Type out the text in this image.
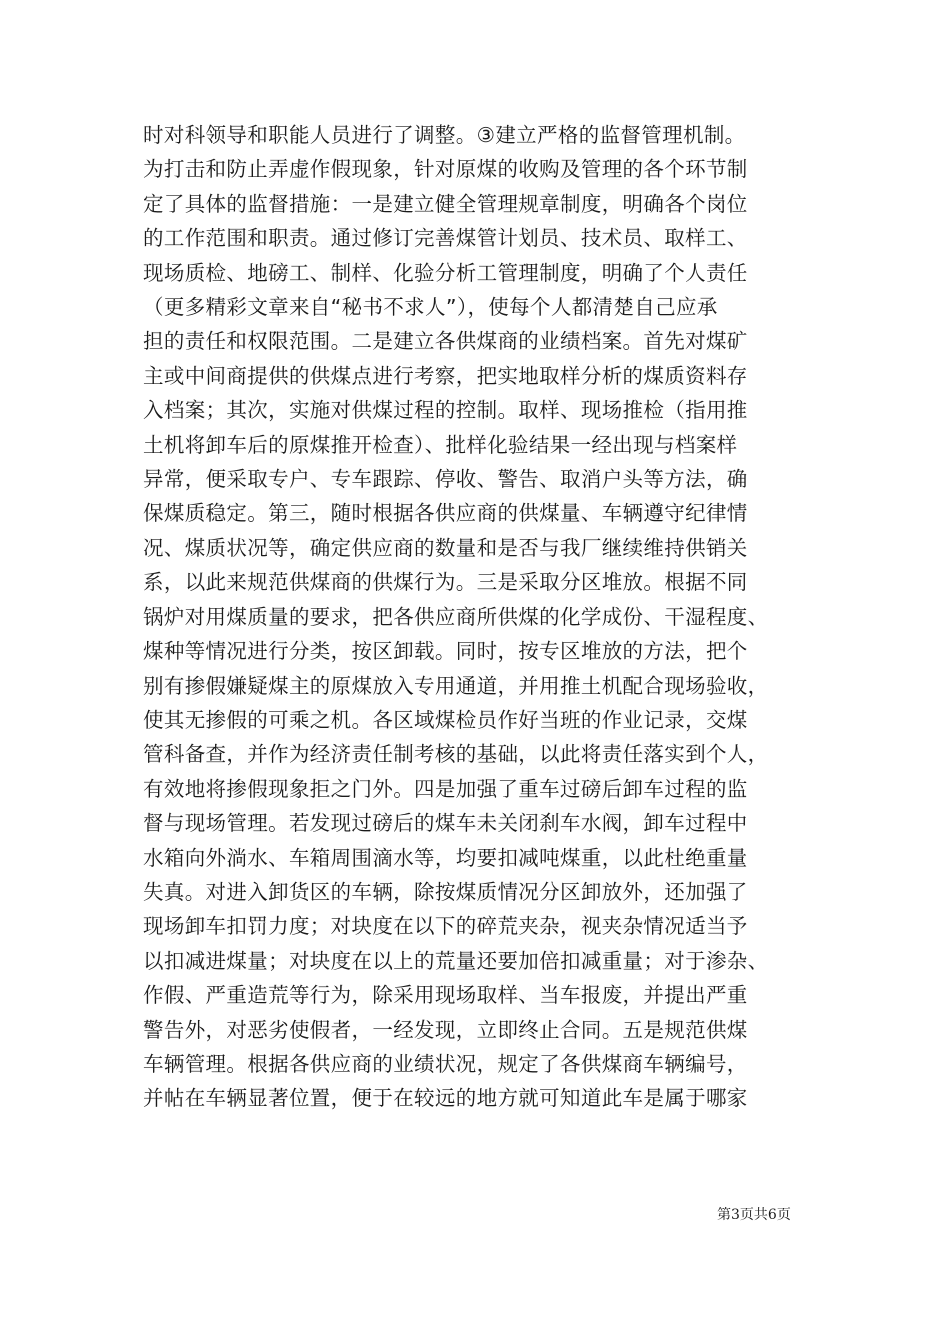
时对科领导和职能人员进行了调整。③建立严格的监督管理机制。
为打击和防止弄虚作假现象，针对原煤的收购及管理的各个环节制
定了具体的监督措施：一是建立健全管理规章制度，明确各个岗位
的工作范围和职责。通过修订完善煤管计划员、技术员、取样工、
现场质检、地磅工、制样、化验分析工管理制度，明确了个人责任
（更多精彩文章来自“秘书不求人”），使每个人都清楚自己应承
担的责任和权限范围。二是建立各供煤商的业绩档案。首先对煤矿
主或中间商提供的供煤点进行考察，把实地取样分析的煤质资料存
入档案；其次，实施对供煤过程的控制。取样、现场推检（指用推
土机将卸车后的原煤推开检查）、批样化验结果一经出现与档案样
异常，便采取专户、专车跟踪、停收、警告、取消户头等方法，确
保煤质稳定。第三，随时根据各供应商的供煤量、车辆遵守纪律情
况、煤质状况等，确定供应商的数量和是否与我厂继续维持供销关
系，以此来规范供煤商的供煤行为。三是采取分区堆放。根据不同
锅炉对用煤质量的要求，把各供应商所供煤的化学成份、干湿程度、
煤种等情况进行分类，按区卸载。同时，按专区堆放的方法，把个
别有掺假嫌疑煤主的原煤放入专用通道，并用推土机配合现场验收，
使其无掺假的可乘之机。各区域煤检员作好当班的作业记录，交煤
管科备查，并作为经济责任制考核的基础，以此将责任落实到个人，
有效地将掺假现象拒之门外。四是加强了重车过磅后卸车过程的监
督与现场管理。若发现过磅后的煤车未关闭刹车水阀，卸车过程中
水箱向外淌水、车箱周围滴水等，均要扣减吨煤重，以此杜绝重量
失真。对进入卸货区的车辆，除按煤质情况分区卸放外，还加强了
现场卸车扣罚力度；对块度在以下的碎荒夹杂，视夹杂情况适当予
以扣减进煤量；对块度在以上的荒量还要加倍扣减重量；对于渗杂、
作假、严重造荒等行为，除采用现场取样、当车报废，并提出严重
警告外，对恶劣使假者，一经发现，立即终止合同。五是规范供煤
车辆管理。根据各供应商的业绩状况，规定了各供煤商车辆编号，
并帖在车辆显著位置，便于在较远的地方就可知道此车是属于哪家
第3页共6页
